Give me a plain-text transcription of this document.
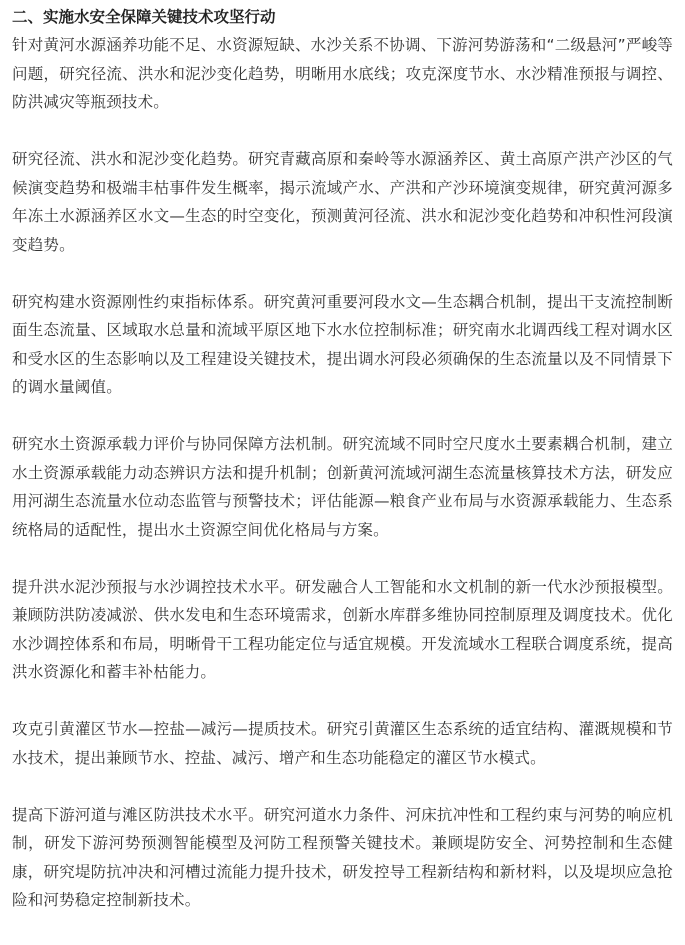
二、实施水安全保障关键技术攻坚行动

针对黄河水源涵养功能不足、水资源短缺、水沙关系不协调、下游河势游荡和“二级悬河”严峻等问题，研究径流、洪水和泥沙变化趋势，明晰用水底线；攻克深度节水、水沙精准预报与调控、防洪减灾等瓶颈技术。

研究径流、洪水和泥沙变化趋势。研究青藏高原和秦岭等水源涵养区、黄土高原产洪产沙区的气候演变趋势和极端丰枯事件发生概率，揭示流域产水、产洪和产沙环境演变规律，研究黄河源多年冻土水源涵养区水文—生态的时空变化，预测黄河径流、洪水和泥沙变化趋势和冲积性河段演变趋势。

研究构建水资源刚性约束指标体系。研究黄河重要河段水文—生态耦合机制，提出干支流控制断面生态流量、区域取水总量和流域平原区地下水水位控制标准；研究南水北调西线工程对调水区和受水区的生态影响以及工程建设关键技术，提出调水河段必须确保的生态流量以及不同情景下的调水量阈值。

研究水土资源承载力评价与协同保障方法机制。研究流域不同时空尺度水土要素耦合机制，建立水土资源承载能力动态辨识方法和提升机制；创新黄河流域河湖生态流量核算技术方法，研发应用河湖生态流量水位动态监管与预警技术；评估能源—粮食产业布局与水资源承载能力、生态系统格局的适配性，提出水土资源空间优化格局与方案。

提升洪水泥沙预报与水沙调控技术水平。研发融合人工智能和水文机制的新一代水沙预报模型。兼顾防洪防凌减淤、供水发电和生态环境需求，创新水库群多维协同控制原理及调度技术。优化水沙调控体系和布局，明晰骨干工程功能定位与适宜规模。开发流域水工程联合调度系统，提高洪水资源化和蓄丰补枯能力。

攻克引黄灌区节水—控盐—减污—提质技术。研究引黄灌区生态系统的适宜结构、灌溉规模和节水技术，提出兼顾节水、控盐、减污、增产和生态功能稳定的灌区节水模式。

提高下游河道与滩区防洪技术水平。研究河道水力条件、河床抗冲性和工程约束与河势的响应机制，研发下游河势预测智能模型及河防工程预警关键技术。兼顾堤防安全、河势控制和生态健康，研究堤防抗冲决和河槽过流能力提升技术，研发控导工程新结构和新材料，以及堤坝应急抢险和河势稳定控制新技术。
